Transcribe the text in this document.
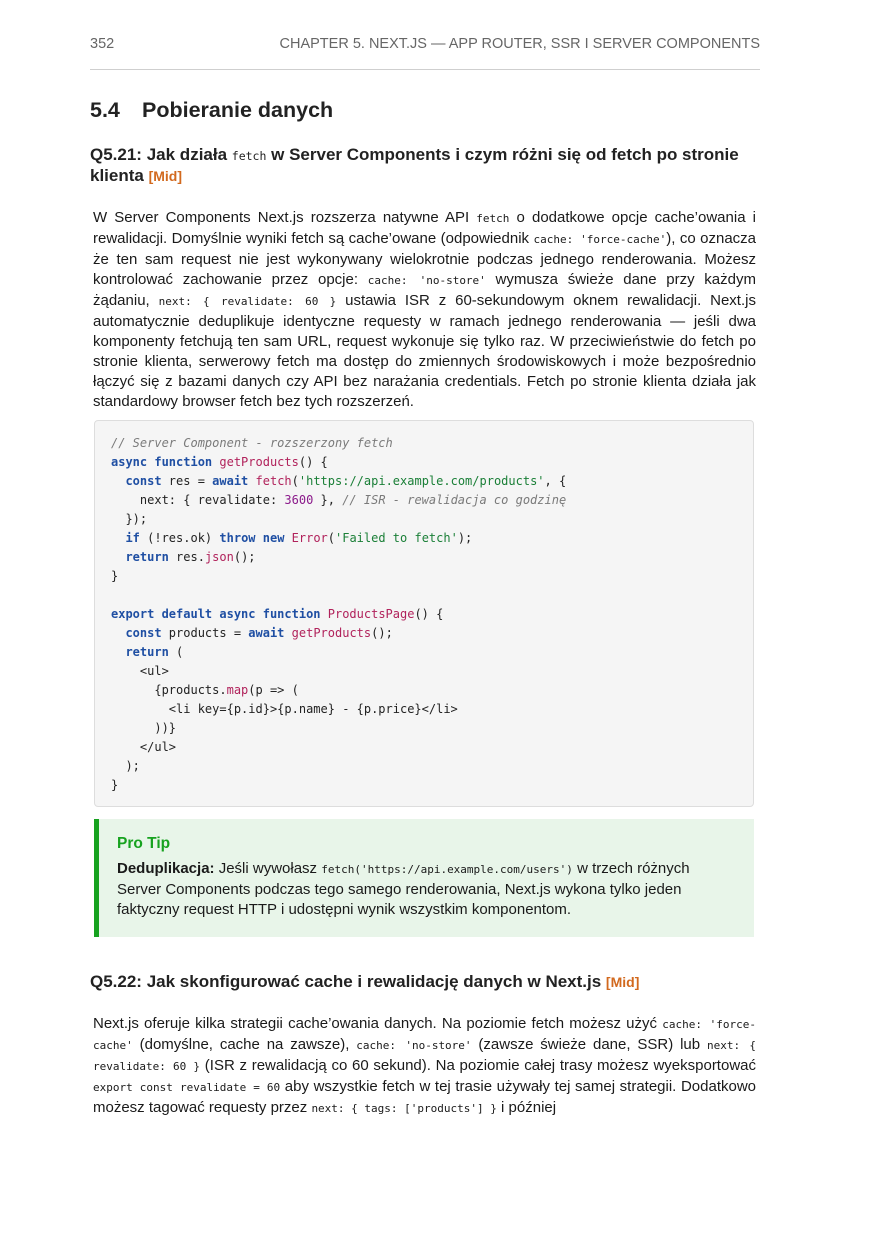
352	CHAPTER 5. NEXT.JS — APP ROUTER, SSR I SERVER COMPONENTS
5.4 Pobieranie danych
Q5.21: Jak działa fetch w Server Components i czym różni się od fetch po stronie klienta [Mid]

W Server Components Next.js rozszerza natywne API fetch o dodatkowe opcje cache’owania i rewalidacji. Domyślnie wyniki fetch są cache’owane (odpowiednik cache: 'force-cache'), co oznacza że ten sam request nie jest wykonywany wielokrotnie podczas jednego renderowania. Możesz kontrolować zachowanie przez opcje: cache: 'no-store' wymusza świeże dane przy każdym żądaniu, next: { revalidate: 60 } ustawia ISR z 60-sekundowym oknem rewalidacji. Next.js automatycznie deduplikuje identyczne requesty w ramach jednego renderowania — jeśli dwa komponenty fetchują ten sam URL, request wykonuje się tylko raz. W przeciwieństwie do fetch po stronie klienta, serwerowy fetch ma dostęp do zmiennych środowiskowych i może bezpośrednio łączyć się z bazami danych czy API bez narażania credentials. Fetch po stronie klienta działa jak standardowy browser fetch bez tych rozszerzeń.

// Server Component - rozszerzony fetch
async function getProducts() {
const res = await fetch('https://api.example.com/products', {
next: { revalidate: 3600 }, // ISR - rewalidacja co godzinę
});
if (!res.ok) throw new Error('Failed to fetch');
return res.json();
}

export default async function ProductsPage() {
const products = await getProducts();
return (
<ul>
{products.map(p => (
<li key={p.id}>{p.name} - {p.price}</li>
))}
</ul>
);
}
Pro Tip

Deduplikacja: Jeśli wywołasz fetch('https://api.example.com/users') w trzech różnych Server Components podczas tego samego renderowania, Next.js wykona tylko jeden faktyczny request HTTP i udostępni wynik wszystkim komponentom.

Q5.22: Jak skonfigurować cache i rewalidację danych w Next.js [Mid]

Next.js oferuje kilka strategii cache’owania danych. Na poziomie fetch możesz użyć cache: 'force-cache' (domyślne, cache na zawsze), cache: 'no-store' (zawsze świeże dane, SSR) lub next: { revalidate: 60 } (ISR z rewalidacją co 60 sekund). Na poziomie całej trasy możesz wyeksportować export const revalidate = 60 aby wszystkie fetch w tej trasie używały tej samej strategii. Dodatkowo możesz tagować requesty przez next: { tags: ['products'] } i później
